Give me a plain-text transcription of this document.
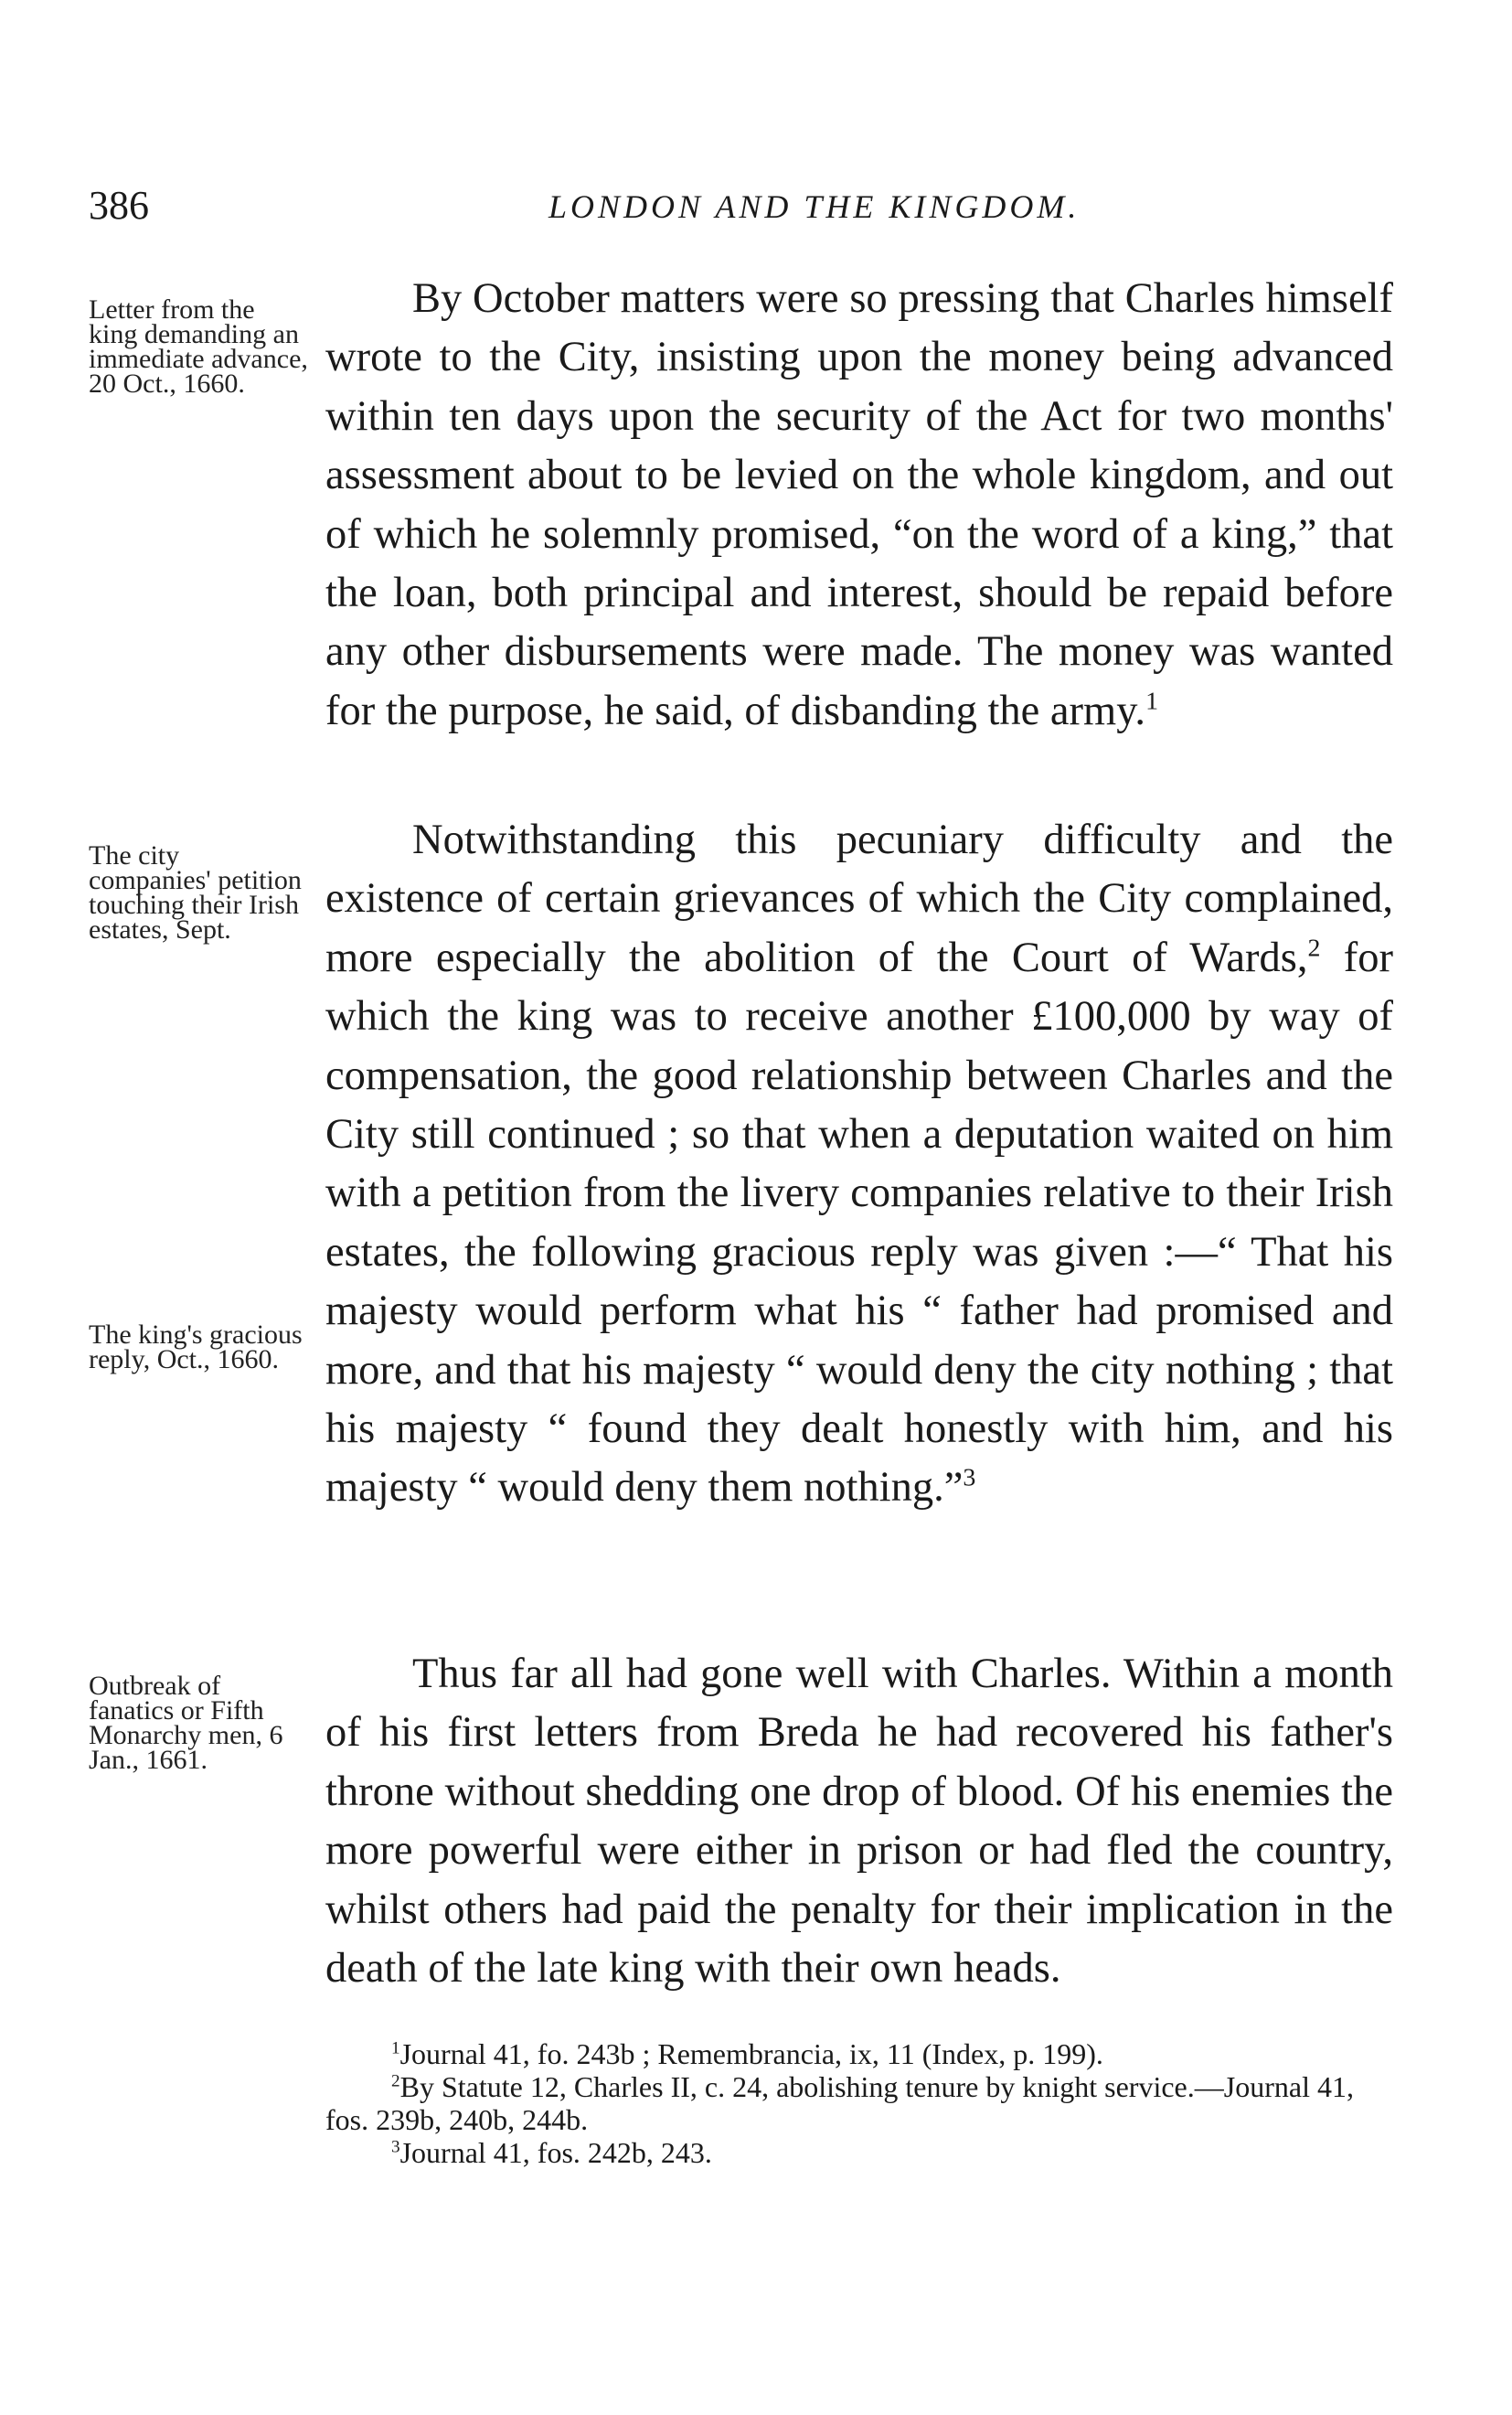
386	LONDON AND THE KINGDOM.
Letter from the king demanding an immediate advance, 20 Oct., 1660.
The city companies' petition touching their Irish estates, Sept.
The king's gracious reply, Oct., 1660.
Outbreak of fanatics or Fifth Monarchy men, 6 Jan., 1661.

By October matters were so pressing that Charles himself wrote to the City, insisting upon the money being advanced within ten days upon the security of the Act for two months' assessment about to be levied on the whole kingdom, and out of which he solemnly promised, “on the word of a king,” that the loan, both principal and interest, should be repaid before any other disbursements were made. The money was wanted for the purpose, he said, of disbanding the army.$^1$

Notwithstanding this pecuniary difficulty and the existence of certain grievances of which the City complained, more especially the abolition of the Court of Wards,$^2$ for which the king was to receive another £100,000 by way of compensation, the good relationship between Charles and the City still continued ; so that when a deputation waited on him with a petition from the livery companies relative to their Irish estates, the following gracious reply was given :—“ That his majesty would perform what his “ father had promised and more, and that his majesty “ would deny the city nothing ; that his majesty “ found they dealt honestly with him, and his majesty “ would deny them nothing.”$^3$

Thus far all had gone well with Charles. Within a month of his first letters from Breda he had recovered his father's throne without shedding one drop of blood. Of his enemies the more powerful were either in prison or had fled the country, whilst others had paid the penalty for their implication in the death of the late king with their own heads.

$^1$Journal 41, fo. 243b ; Remembrancia, ix, 11 (Index, p. 199).

$^2$By Statute 12, Charles II, c. 24, abolishing tenure by knight service.—Journal 41, fos. 239b, 240b, 244b.

$^3$Journal 41, fos. 242b, 243.
